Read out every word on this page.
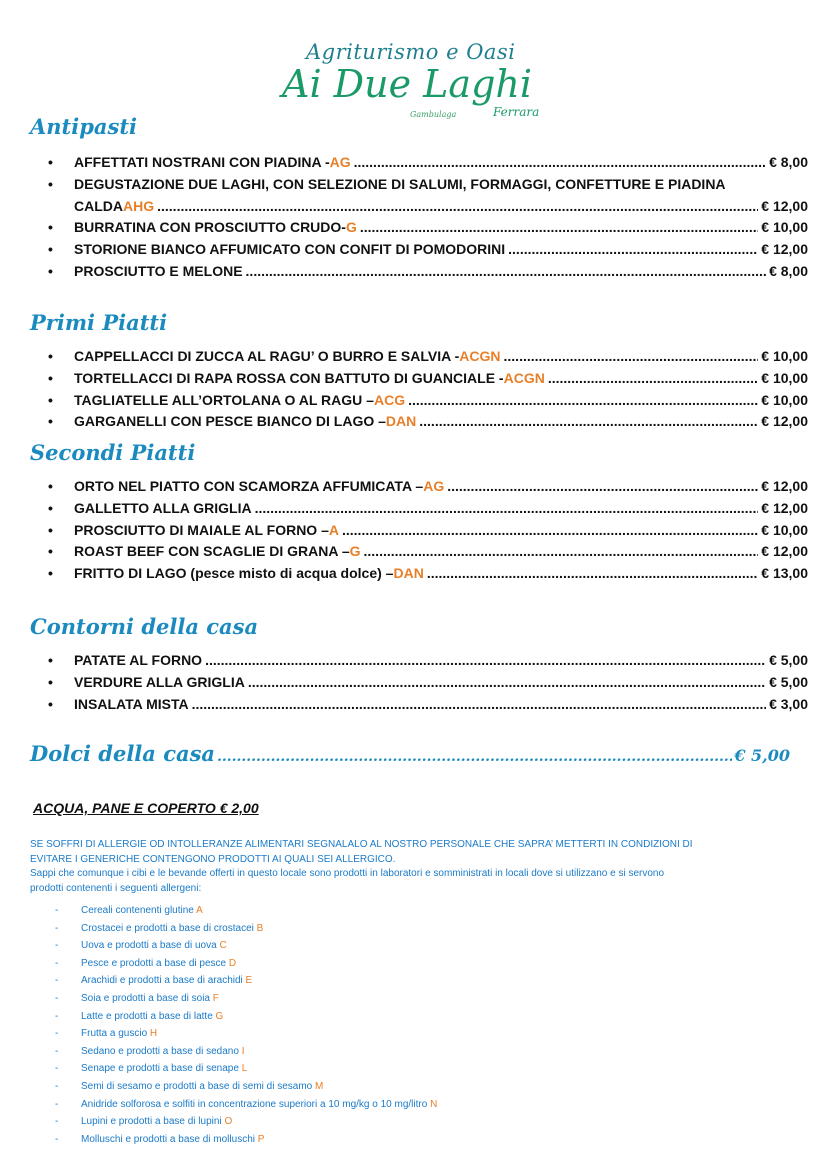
Agriturismo e Oasi
Ai Due Laghi
Gambulaga	Ferrara
Antipasti
• AFFETTATI NOSTRANI CON PIADINA - AG .....	€ 8,00
• DEGUSTAZIONE DUE LAGHI, CON SELEZIONE DI SALUMI, FORMAGGI, CONFETTURE E PIADINA
CALDA AHG .....	€ 12,00
• BURRATINA CON PROSCIUTTO CRUDO- G .....	€ 10,00
• STORIONE BIANCO AFFUMICATO CON CONFIT DI POMODORINI .....	€ 12,00
• PROSCIUTTO E MELONE .....	€ 8,00
Primi Piatti
• CAPPELLACCI DI ZUCCA AL RAGU’ O BURRO E SALVIA - ACGN .....	€ 10,00
• TORTELLACCI DI RAPA ROSSA CON BATTUTO DI GUANCIALE - ACGN .....	€ 10,00
• TAGLIATELLE ALL’ORTOLANA O AL RAGU – ACG .....	€ 10,00
• GARGANELLI CON PESCE BIANCO DI LAGO – DAN .....	€ 12,00
Secondi Piatti
• ORTO NEL PIATTO CON SCAMORZA AFFUMICATA – AG .....	€ 12,00
• GALLETTO ALLA GRIGLIA .....	€ 12,00
• PROSCIUTTO DI MAIALE AL FORNO – A .....	€ 10,00
• ROAST BEEF CON SCAGLIE DI GRANA – G .....	€ 12,00
• FRITTO DI LAGO (pesce misto di acqua dolce) – DAN .....	€ 13,00
Contorni della casa
• PATATE AL FORNO .....	€ 5,00
• VERDURE ALLA GRIGLIA .....	€ 5,00
• INSALATA MISTA .....	€ 3,00
Dolci della casa .....	€ 5,00
ACQUA, PANE E COPERTO € 2,00
SE SOFFRI DI ALLERGIE OD INTOLLERANZE ALIMENTARI SEGNALALO AL NOSTRO PERSONALE CHE SAPRA’ METTERTI IN CONDIZIONI DI
EVITARE I GENERICHE CONTENGONO PRODOTTI AI QUALI SEI ALLERGICO.
Sappi che comunque i cibi e le bevande offerti in questo locale sono prodotti in laboratori e somministrati in locali dove si utilizzano e si servono
prodotti contenenti i seguenti allergeni:
- Cereali contenenti glutine A
- Crostacei e prodotti a base di crostacei B
- Uova e prodotti a base di uova C
- Pesce e prodotti a base di pesce D
- Arachidi e prodotti a base di arachidi E
- Soia e prodotti a base di soia F
- Latte e prodotti a base di latte G
- Frutta a guscio H
- Sedano e prodotti a base di sedano I
- Senape e prodotti a base di senape L
- Semi di sesamo e prodotti a base di semi di sesamo M
- Anidride solforosa e solfiti in concentrazione superiori a 10 mg/kg o 10 mg/litro N
- Lupini e prodotti a base di lupini O
- Molluschi e prodotti a base di molluschi P
